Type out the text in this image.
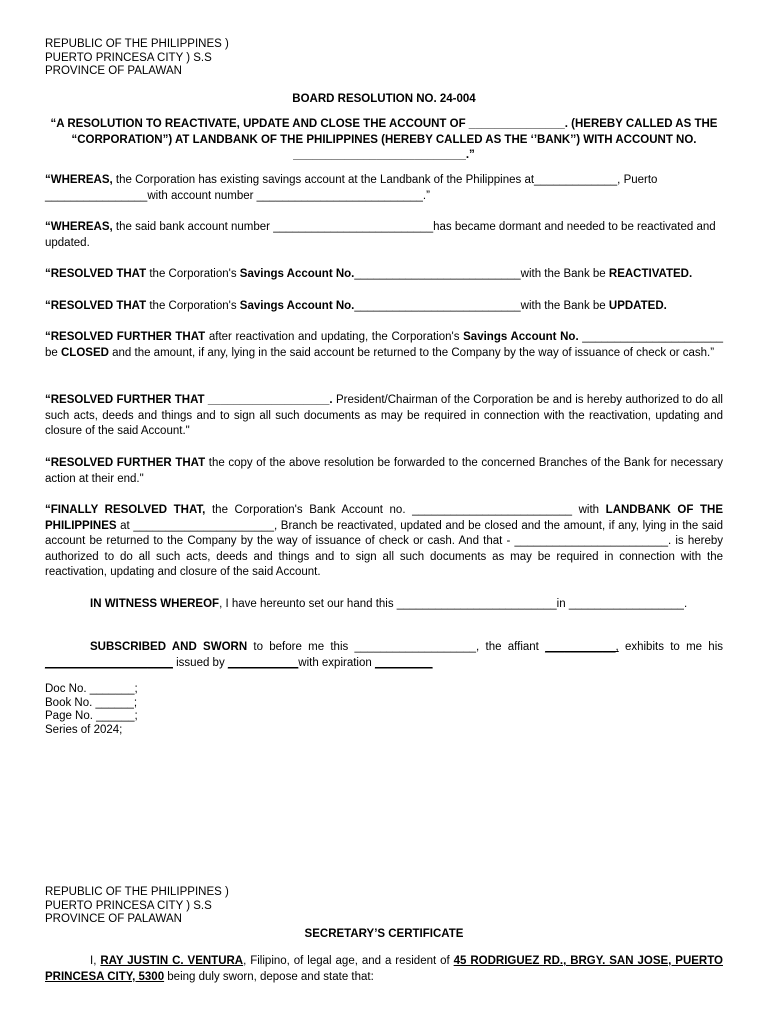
REPUBLIC OF THE PHILIPPINES )
PUERTO PRINCESA CITY ) S.S
PROVINCE OF PALAWAN
BOARD RESOLUTION NO. 24-004
“A RESOLUTION TO REACTIVATE, UPDATE AND CLOSE THE ACCOUNT OF _______________. (HEREBY CALLED AS THE
“CORPORATION”) AT LANDBANK OF THE PHILIPPINES (HEREBY CALLED AS THE ‘’BANK’’) WITH ACCOUNT NO.
___________________________.”
“WHEREAS, the Corporation has existing savings account at the Landbank of the Philippines at_____________, Puerto ________________with account number __________________________.”
“WHEREAS, the said bank account number _________________________has became dormant and needed to be reactivated and updated.
“RESOLVED THAT the Corporation's Savings Account No.__________________________with the Bank be REACTIVATED.
“RESOLVED THAT the Corporation's Savings Account No.__________________________with the Bank be UPDATED.
“RESOLVED FURTHER THAT after reactivation and updating, the Corporation's Savings Account No. ______________________ be CLOSED and the amount, if any, lying in the said account be returned to the Company by the way of issuance of check or cash.”
“RESOLVED FURTHER THAT ___________________. President/Chairman of the Corporation be and is hereby authorized to do all such acts, deeds and things and to sign all such documents as may be required in connection with the reactivation, updating and closure of the said Account."
“RESOLVED FURTHER THAT the copy of the above resolution be forwarded to the concerned Branches of the Bank for necessary action at their end."
“FINALLY RESOLVED THAT, the Corporation's Bank Account no. _________________________ with LANDBANK OF THE PHILIPPINES at ______________________, Branch be reactivated, updated and be closed and the amount, if any, lying in the said account be returned to the Company by the way of issuance of check or cash. And that - ________________________. is hereby authorized to do all such acts, deeds and things and to sign all such documents as may be required in connection with the reactivation, updating and closure of the said Account.
IN WITNESS WHEREOF, I have hereunto set our hand this _________________________in __________________.
SUBSCRIBED AND SWORN to before me this ___________________, the affiant ___________, exhibits to me his ____________________ issued by ___________with expiration _________
Doc No. _______;
Book No. ______;
Page No. ______;
Series of 2024;
REPUBLIC OF THE PHILIPPINES )
PUERTO PRINCESA CITY ) S.S
PROVINCE OF PALAWAN
SECRETARY’S CERTIFICATE
I, RAY JUSTIN C. VENTURA, Filipino, of legal age, and a resident of 45 RODRIGUEZ RD., BRGY. SAN JOSE, PUERTO PRINCESA CITY, 5300 being duly sworn, depose and state that:
